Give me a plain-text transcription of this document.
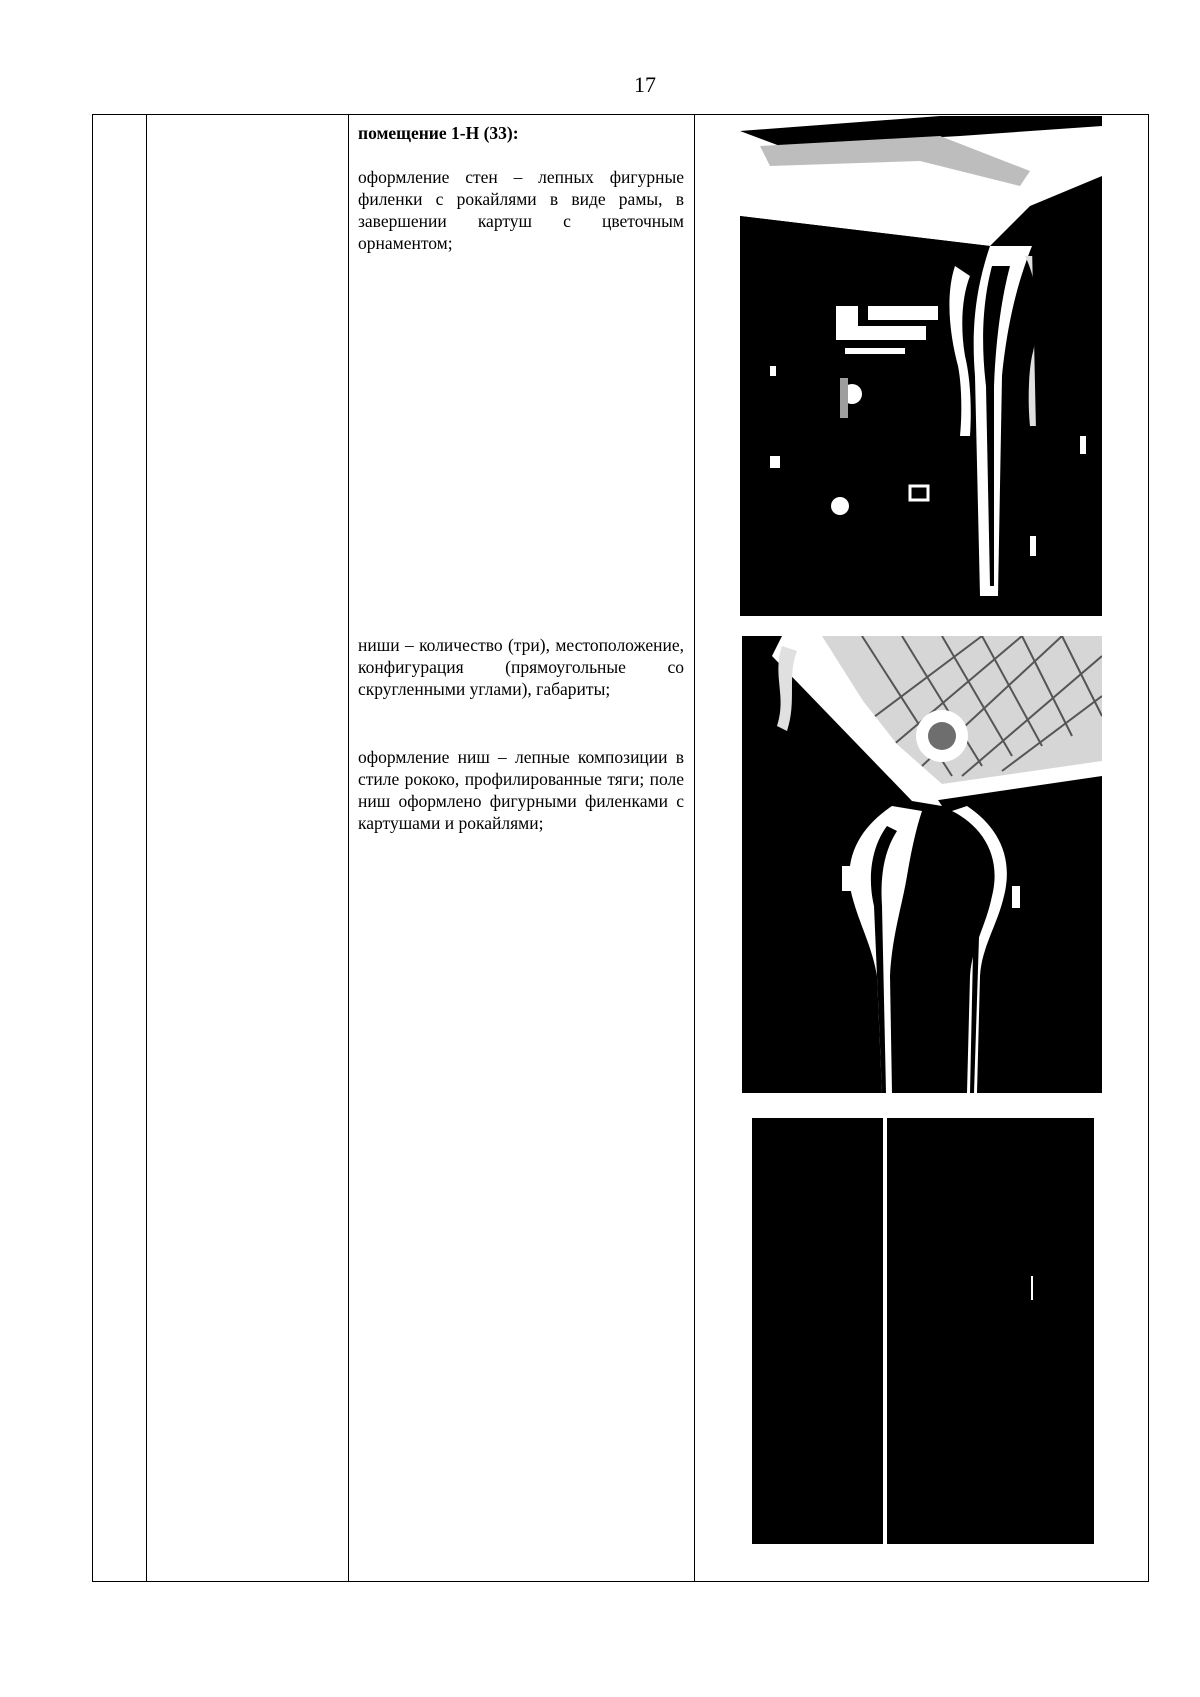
17

помещение 1-Н (33):

оформление стен – лепных фигурные филенки с рокайлями в виде рамы, в завершении картуш с цветочным орнаментом;

ниши – количество (три), местоположение, конфигурация (прямоугольные со скругленными углами), габариты;

оформление ниш – лепные композиции в стиле рококо, профилированные тяги; поле ниш оформлено фигурными филенками с картушами и рокайлями;
